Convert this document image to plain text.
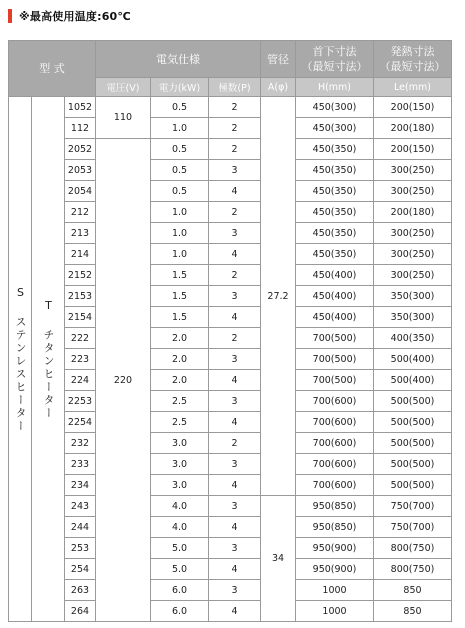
※最高使用温度:60℃
型 式			電気仕様			管径	首下寸法
（最短寸法）	発熱寸法
（最短寸法）
			電圧(V)	電力(kW)	極数(P)	A(φ)	H(mm)	Le(mm)
S ステンレスヒーター	T チタンヒーター	1052	110	0.5	2	27.2	450(300)	200(150)
		112		1.0	2		450(300)	200(180)
		2052	220	0.5	2		450(350)	200(150)
		2053		0.5	3		450(350)	300(250)
		2054		0.5	4		450(350)	300(250)
		212		1.0	2		450(350)	200(180)
		213		1.0	3		450(350)	300(250)
		214		1.0	4		450(350)	300(250)
		2152		1.5	2		450(400)	300(250)
		2153		1.5	3		450(400)	350(300)
		2154		1.5	4		450(400)	350(300)
		222		2.0	2		700(500)	400(350)
		223		2.0	3		700(500)	500(400)
		224		2.0	4		700(500)	500(400)
		2253		2.5	3		700(600)	500(500)
		2254		2.5	4		700(600)	500(500)
		232		3.0	2		700(600)	500(500)
		233		3.0	3		700(600)	500(500)
		234		3.0	4		700(600)	500(500)
		243		4.0	3	34	950(850)	750(700)
		244		4.0	4		950(850)	750(700)
		253		5.0	3		950(900)	800(750)
		254		5.0	4		950(900)	800(750)
		263		6.0	3		1000	850
		264		6.0	4		1000	850
